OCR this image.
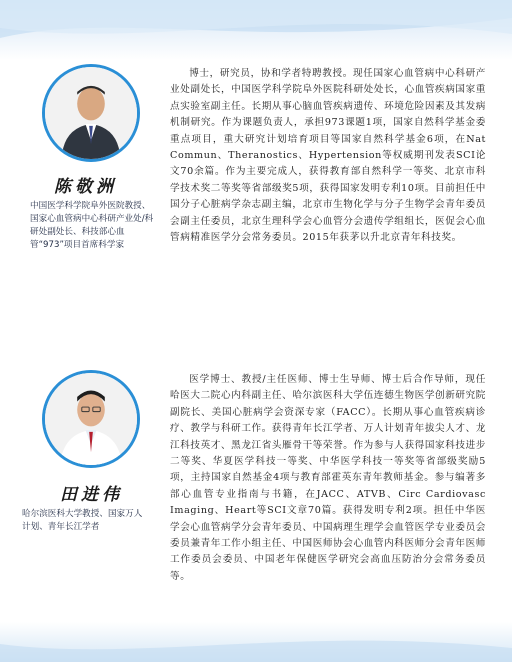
陈敬洲
中国医学科学院阜外医院教授、国家心血管病中心科研产业处/科研处副处长、科技部心血管“973”项目首席科学家
博士，研究员，协和学者特聘教授。现任国家心血管病中心科研产业处副处长，中国医学科学院阜外医院科研处处长，心血管疾病国家重点实验室副主任。长期从事心脑血管疾病遗传、环境危险因素及其发病机制研究。作为课题负责人，承担973课题1项，国家自然科学基金委重点项目，重大研究计划培育项目等国家自然科学基金6项，在Nat Commun、Theranostics、Hypertension等权威期刊发表SCI论文70余篇。作为主要完成人，获得教育部自然科学一等奖、北京市科学技术奖二等奖等省部级奖5项，获得国家发明专利10项。目前担任中国分子心脏病学杂志副主编，北京市生物化学与分子生物学会青年委员会副主任委员，北京生理科学会心血管分会遗传学组组长，医促会心血管病精准医学分会常务委员。2015年获茅以升北京青年科技奖。
田进伟
哈尔滨医科大学教授、国家万人计划、青年长江学者
医学博士、教授/主任医师、博士生导师、博士后合作导师，现任哈医大二院心内科副主任、哈尔滨医科大学伍连德生物医学创新研究院副院长、美国心脏病学会资深专家（FACC）。长期从事心血管疾病诊疗、教学与科研工作。获得青年长江学者、万人计划青年拔尖人才、龙江科技英才、黑龙江省头雁骨干等荣誉。作为参与人获得国家科技进步二等奖、华夏医学科技一等奖、中华医学科技一等奖等省部级奖励5项，主持国家自然基金4项与教育部霍英东青年教师基金。参与编著多部心血管专业指南与书籍，在JACC、ATVB、Circ Cardiovasc Imaging、Heart等SCI文章70篇。获得发明专利2项。担任中华医学会心血管病学分会青年委员、中国病理生理学会血管医学专业委员会委员兼青年工作小组主任、中国医师协会心血管内科医师分会青年医师工作委员会委员、中国老年保健医学研究会高血压防治分会常务委员等。
